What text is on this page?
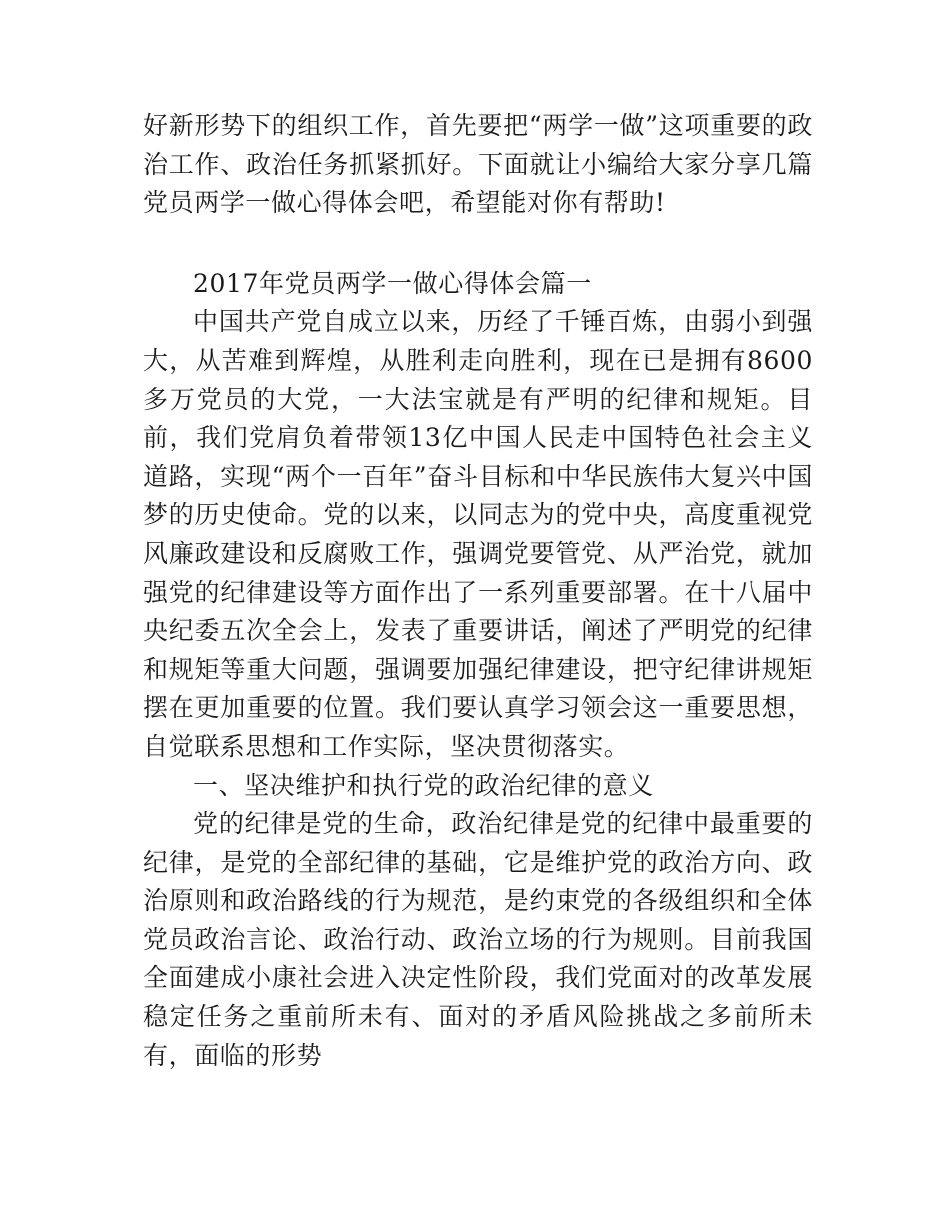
好新形势下的组织工作，首先要把“两学一做”这项重要的政治工作、政治任务抓紧抓好。下面就让小编给大家分享几篇党员两学一做心得体会吧，希望能对你有帮助!

2017年党员两学一做心得体会篇一

中国共产党自成立以来，历经了千锤百炼，由弱小到强大，从苦难到辉煌，从胜利走向胜利，现在已是拥有8600多万党员的大党，一大法宝就是有严明的纪律和规矩。目前，我们党肩负着带领13亿中国人民走中国特色社会主义道路，实现“两个一百年”奋斗目标和中华民族伟大复兴中国梦的历史使命。党的以来，以同志为的党中央，高度重视党风廉政建设和反腐败工作，强调党要管党、从严治党，就加强党的纪律建设等方面作出了一系列重要部署。在十八届中央纪委五次全会上，发表了重要讲话，阐述了严明党的纪律和规矩等重大问题，强调要加强纪律建设，把守纪律讲规矩摆在更加重要的位置。我们要认真学习领会这一重要思想，自觉联系思想和工作实际，坚决贯彻落实。

一、坚决维护和执行党的政治纪律的意义

党的纪律是党的生命，政治纪律是党的纪律中最重要的纪律，是党的全部纪律的基础，它是维护党的政治方向、政治原则和政治路线的行为规范，是约束党的各级组织和全体党员政治言论、政治行动、政治立场的行为规则。目前我国全面建成小康社会进入决定性阶段，我们党面对的改革发展稳定任务之重前所未有、面对的矛盾风险挑战之多前所未有，面临的形势
